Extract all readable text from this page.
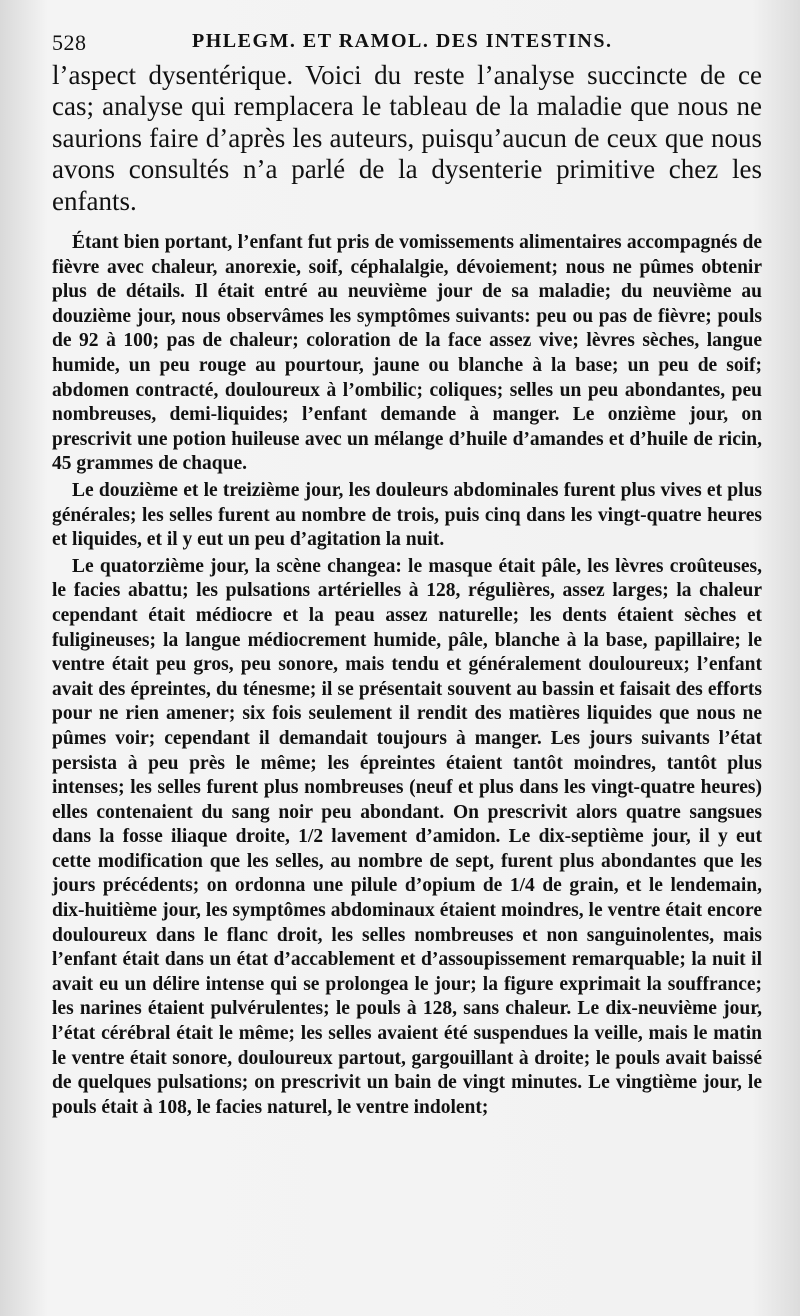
528	PHLEGM. ET RAMOL. DES INTESTINS.

l’aspect dysentérique. Voici du reste l’analyse succincte de ce cas; analyse qui remplacera le tableau de la maladie que nous ne saurions faire d’après les auteurs, puisqu’aucun de ceux que nous avons consultés n’a parlé de la dysenterie primitive chez les enfants.

Étant bien portant, l’enfant fut pris de vomissements alimentaires accompagnés de fièvre avec chaleur, anorexie, soif, céphalalgie, dévoiement; nous ne pûmes obtenir plus de détails. Il était entré au neuvième jour de sa maladie; du neuvième au douzième jour, nous observâmes les symptômes suivants: peu ou pas de fièvre; pouls de 92 à 100; pas de chaleur; coloration de la face assez vive; lèvres sèches, langue humide, un peu rouge au pourtour, jaune ou blanche à la base; un peu de soif; abdomen contracté, douloureux à l’ombilic; coliques; selles un peu abondantes, peu nombreuses, demi-liquides; l’enfant demande à manger. Le onzième jour, on prescrivit une potion huileuse avec un mélange d’huile d’amandes et d’huile de ricin, 45 grammes de chaque.

Le douzième et le treizième jour, les douleurs abdominales furent plus vives et plus générales; les selles furent au nombre de trois, puis cinq dans les vingt-quatre heures et liquides, et il y eut un peu d’agitation la nuit.

Le quatorzième jour, la scène changea: le masque était pâle, les lèvres croûteuses, le facies abattu; les pulsations artérielles à 128, régulières, assez larges; la chaleur cependant était médiocre et la peau assez naturelle; les dents étaient sèches et fuligineuses; la langue médiocrement humide, pâle, blanche à la base, papillaire; le ventre était peu gros, peu sonore, mais tendu et généralement douloureux; l’enfant avait des épreintes, du ténesme; il se présentait souvent au bassin et faisait des efforts pour ne rien amener; six fois seulement il rendit des matières liquides que nous ne pûmes voir; cependant il demandait toujours à manger. Les jours suivants l’état persista à peu près le même; les épreintes étaient tantôt moindres, tantôt plus intenses; les selles furent plus nombreuses (neuf et plus dans les vingt-quatre heures) elles contenaient du sang noir peu abondant. On prescrivit alors quatre sangsues dans la fosse iliaque droite, 1/2 lavement d’amidon. Le dix-septième jour, il y eut cette modification que les selles, au nombre de sept, furent plus abondantes que les jours précédents; on ordonna une pilule d’opium de 1/4 de grain, et le lendemain, dix-huitième jour, les symptômes abdominaux étaient moindres, le ventre était encore douloureux dans le flanc droit, les selles nombreuses et non sanguinolentes, mais l’enfant était dans un état d’accablement et d’assoupissement remarquable; la nuit il avait eu un délire intense qui se prolongea le jour; la figure exprimait la souffrance; les narines étaient pulvérulentes; le pouls à 128, sans chaleur. Le dix-neuvième jour, l’état cérébral était le même; les selles avaient été suspendues la veille, mais le matin le ventre était sonore, douloureux partout, gargouillant à droite; le pouls avait baissé de quelques pulsations; on prescrivit un bain de vingt minutes. Le vingtième jour, le pouls était à 108, le facies naturel, le ventre indolent;
